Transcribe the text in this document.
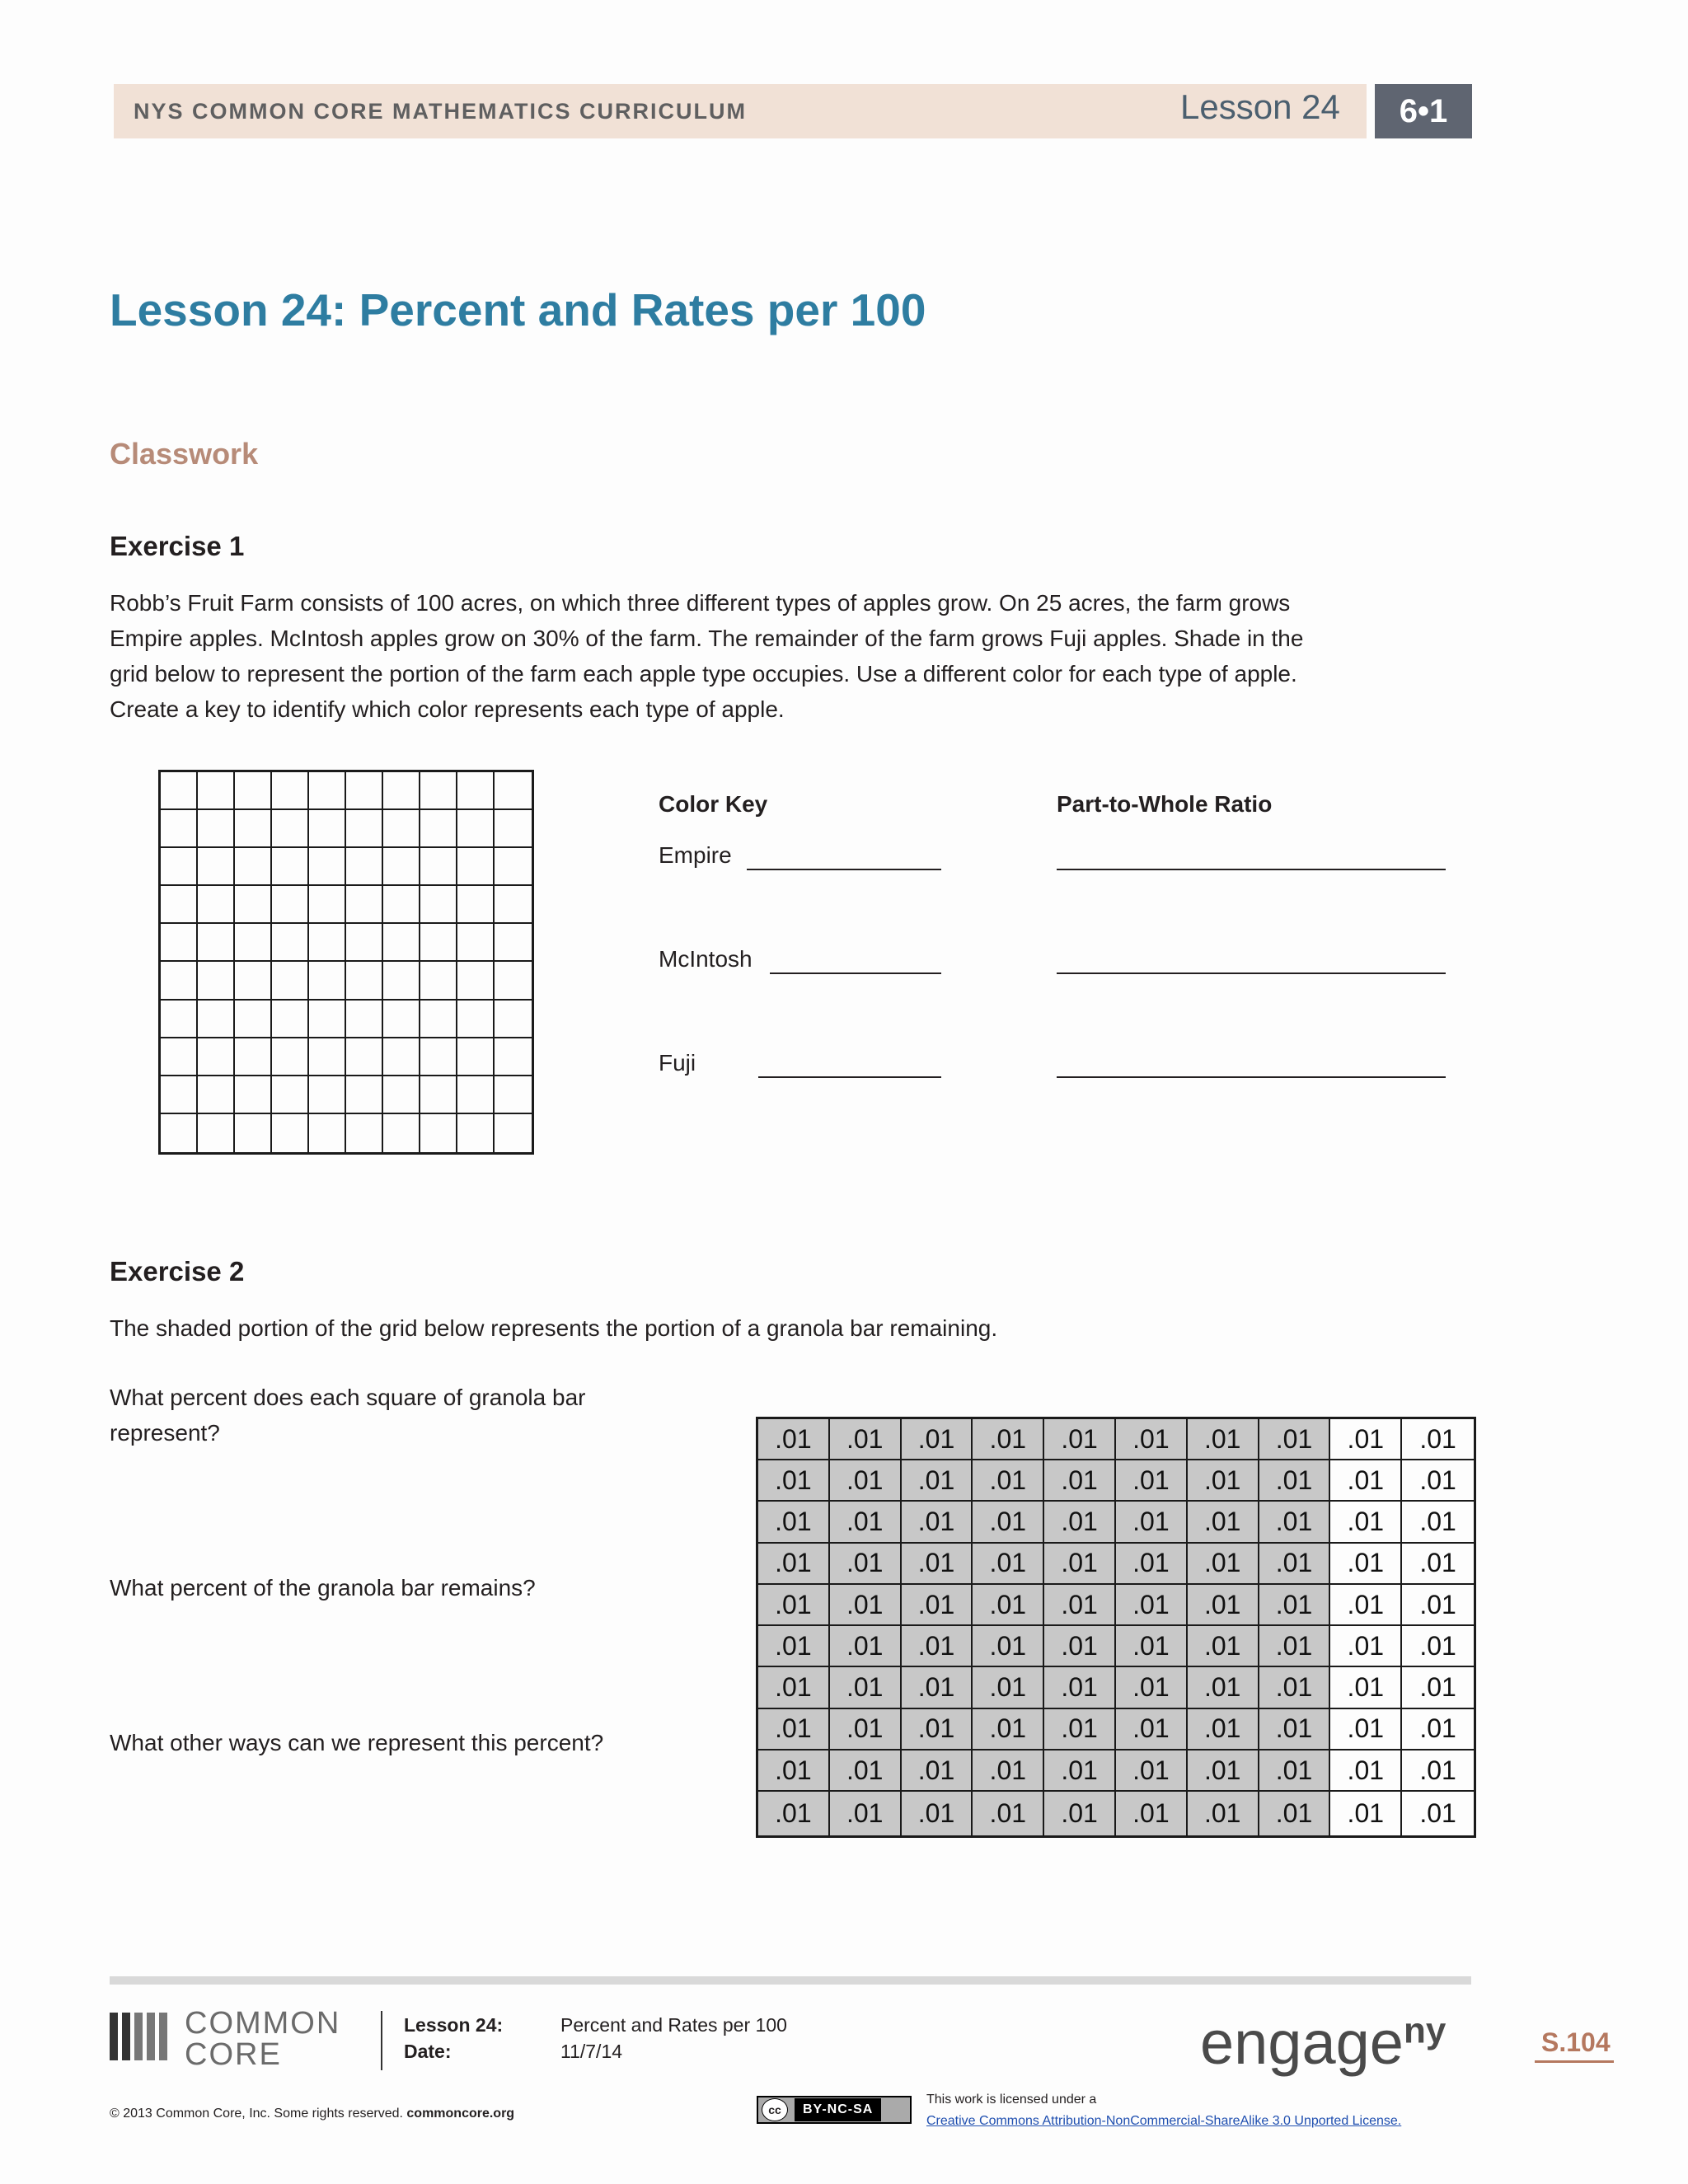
NYS COMMON CORE MATHEMATICS CURRICULUM	Lesson 24	6•1
Lesson 24: Percent and Rates per 100
Classwork
Exercise 1
Robb’s Fruit Farm consists of 100 acres, on which three different types of apples grow. On 25 acres, the farm grows
Empire apples. McIntosh apples grow on 30% of the farm. The remainder of the farm grows Fuji apples. Shade in the
grid below to represent the portion of the farm each apple type occupies. Use a different color for each type of apple.
Create a key to identify which color represents each type of apple.
Color Key	Part-to-Whole Ratio
Empire
McIntosh
Fuji
Exercise 2
The shaded portion of the grid below represents the portion of a granola bar remaining.
What percent does each square of granola bar
represent?
What percent of the granola bar remains?
What other ways can we represent this percent?
.01	.01	.01	.01	.01	.01	.01	.01	.01	.01
.01	.01	.01	.01	.01	.01	.01	.01	.01	.01
.01	.01	.01	.01	.01	.01	.01	.01	.01	.01
.01	.01	.01	.01	.01	.01	.01	.01	.01	.01
.01	.01	.01	.01	.01	.01	.01	.01	.01	.01
.01	.01	.01	.01	.01	.01	.01	.01	.01	.01
.01	.01	.01	.01	.01	.01	.01	.01	.01	.01
.01	.01	.01	.01	.01	.01	.01	.01	.01	.01
.01	.01	.01	.01	.01	.01	.01	.01	.01	.01
.01	.01	.01	.01	.01	.01	.01	.01	.01	.01
COMMON
CORE
Lesson 24:	Percent and Rates per 100
Date:	11/7/14	engage$^{ny}$	S.104
© 2013 Common Core, Inc. Some rights reserved. commoncore.org	cc	BY-NC-SA
This work is licensed under a
Creative Commons Attribution-NonCommercial-ShareAlike 3.0 Unported License.
